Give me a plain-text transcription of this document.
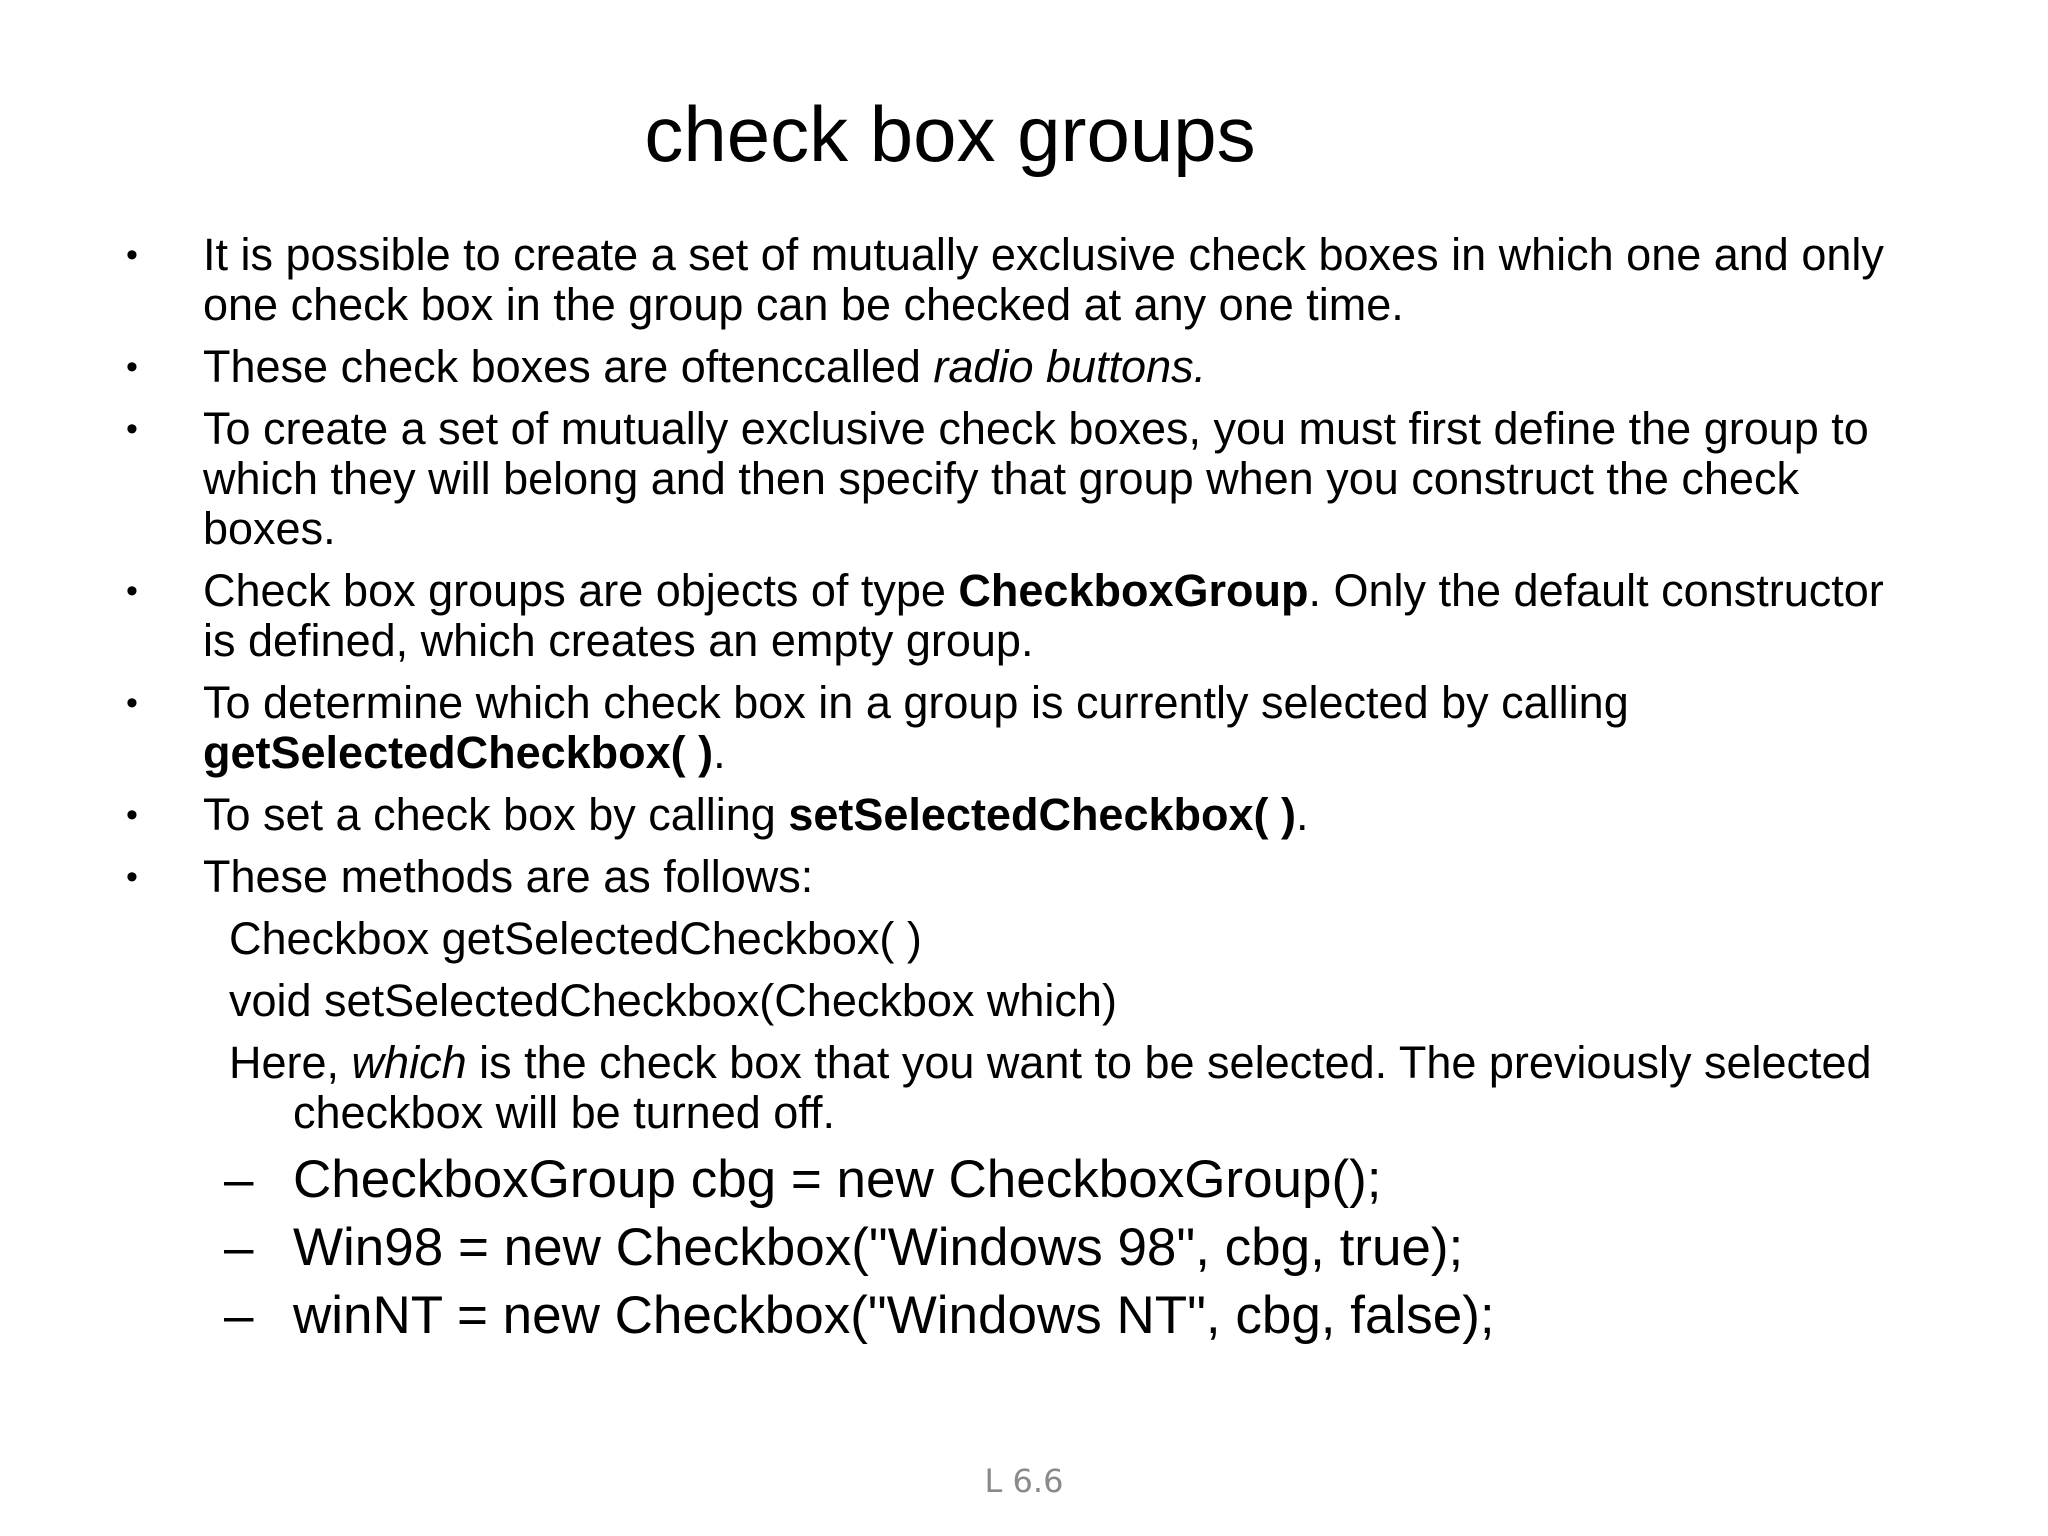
check box groups
• It is possible to create a set of mutually exclusive check boxes in which one and only one check box in the group can be checked at any one time.
• These check boxes are oftenccalled radio buttons.
• To create a set of mutually exclusive check boxes, you must first define the group to which they will belong and then specify that group when you construct the check boxes.
• Check box groups are objects of type CheckboxGroup. Only the default constructor is defined, which creates an empty group.
• To determine which check box in a group is currently selected by calling getSelectedCheckbox( ).
• To set a check box by calling setSelectedCheckbox( ).
• These methods are as follows:
Checkbox getSelectedCheckbox( )
void setSelectedCheckbox(Checkbox which)
Here, which is the check box that you want to be selected. The previously selected checkbox will be turned off.
– CheckboxGroup cbg = new CheckboxGroup();
– Win98 = new Checkbox("Windows 98", cbg, true);
– winNT = new Checkbox("Windows NT", cbg, false);
L 6.6
